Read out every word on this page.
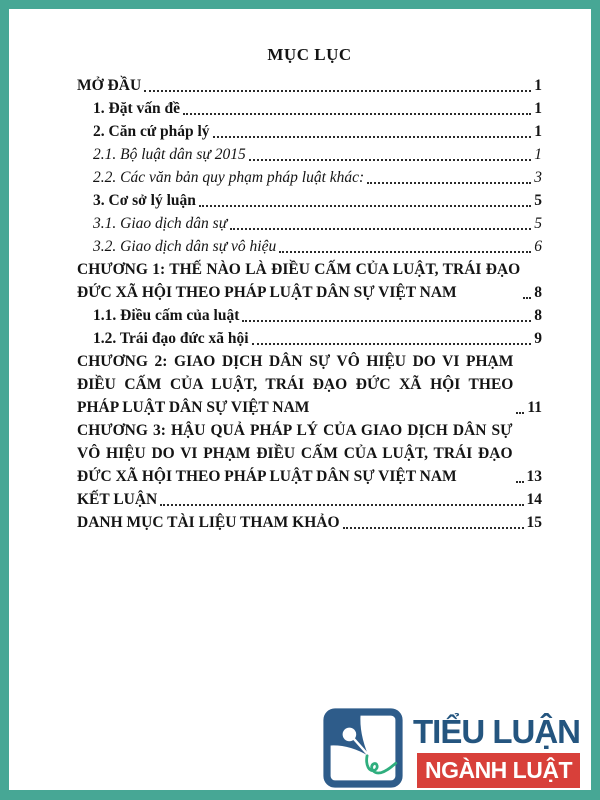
MỤC LỤC
MỞ ĐẦU	1
1. Đặt vấn đề	1
2. Căn cứ pháp lý	1
2.1. Bộ luật dân sự 2015	1
2.2. Các văn bản quy phạm pháp luật khác:	3
3. Cơ sở lý luận	5
3.1. Giao dịch dân sự	5
3.2. Giao dịch dân sự vô hiệu	6
CHƯƠNG 1: THẾ NÀO LÀ ĐIỀU CẤM CỦA LUẬT, TRÁI ĐẠO ĐỨC XÃ HỘI THEO PHÁP LUẬT DÂN SỰ VIỆT NAM	8
1.1. Điều cấm của luật	8
1.2. Trái đạo đức xã hội	9
CHƯƠNG 2: GIAO DỊCH DÂN SỰ VÔ HIỆU DO VI PHẠM ĐIỀU CẤM CỦA LUẬT, TRÁI ĐẠO ĐỨC XÃ HỘI THEO PHÁP LUẬT DÂN SỰ VIỆT NAM	11
CHƯƠNG 3: HẬU QUẢ PHÁP LÝ CỦA GIAO DỊCH DÂN SỰ VÔ HIỆU DO VI PHẠM ĐIỀU CẤM CỦA LUẬT, TRÁI ĐẠO ĐỨC XÃ HỘI THEO PHÁP LUẬT DÂN SỰ VIỆT NAM	13
KẾT LUẬN	14
DANH MỤC TÀI LIỆU THAM KHẢO	15
TIỂU LUẬN
NGÀNH LUẬT
